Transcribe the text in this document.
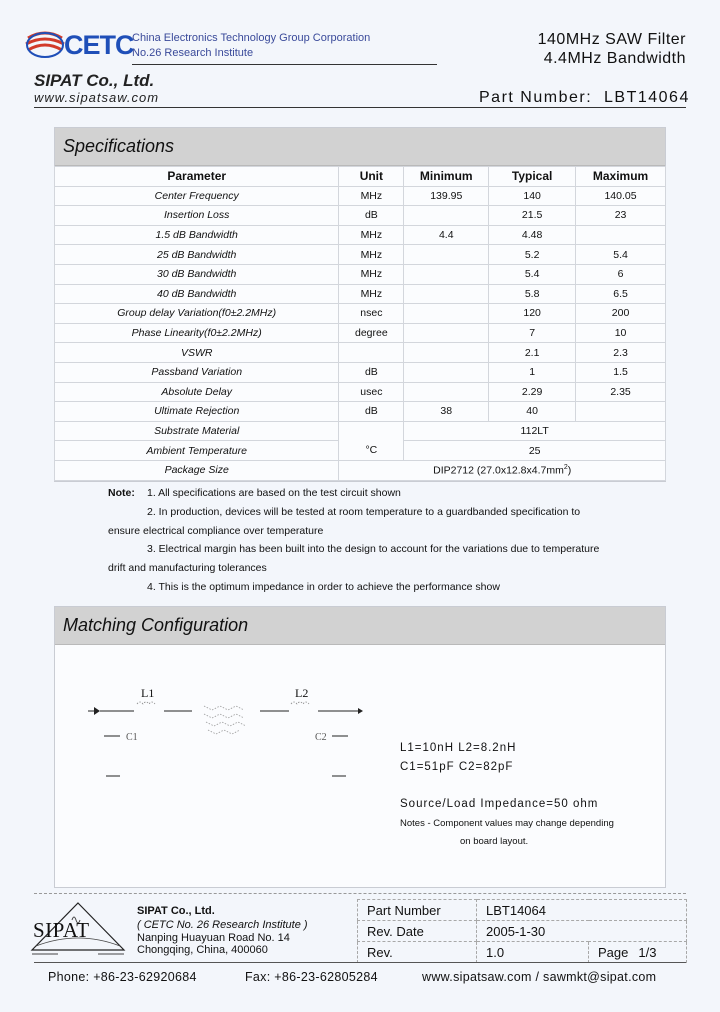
CETC
China Electronics Technology Group Corporation
No.26 Research Institute
SIPAT Co., Ltd.
www.sipatsaw.com
140MHz SAW Filter
4.4MHz Bandwidth
Part Number: LBT14064
Specifications
Parameter	Unit	Minimum	Typical	Maximum
Center Frequency	MHz	139.95	140	140.05
Insertion Loss	dB		21.5	23
1.5 dB Bandwidth	MHz	4.4	4.48	
25 dB Bandwidth	MHz		5.2	5.4
30 dB Bandwidth	MHz		5.4	6
40 dB Bandwidth	MHz		5.8	6.5
Group delay Variation(f0±2.2MHz)	nsec		120	200
Phase Linearity(f0±2.2MHz)	degree		7	10
VSWR			2.1	2.3
Passband Variation	dB		1	1.5
Absolute Delay	usec		2.29	2.35
Ultimate Rejection	dB	38	40	
Substrate Material	°C	112LT		
Ambient Temperature		25		
Package Size	DIP2712 $(27.0x12.8x4.7mm^2)$			
Note:	1. All specifications are based on the test circuit shown
2. In production, devices will be tested at room temperature to a guardbanded specification to
ensure electrical compliance over temperature
3. Electrical margin has been built into the design to account for the variations due to temperature
drift and manufacturing tolerances
4. This is the optimum impedance in order to achieve the performance show
Matching Configuration
L1	L2
C1	C2
L1=10nH L2=8.2nH
C1=51pF C2=82pF
Source/Load Impedance=50 ohm
Notes - Component values may change depending
on board layout.
SIPAT
SIPAT Co., Ltd.
( CETC No. 26 Research Institute )
Nanping Huayuan Road No. 14
Chongqing, China, 400060
Part Number	LBT14064	
Rev. Date	2005-1-30	
Rev.	1.0	Page 1/3
Phone: +86-23-62920684	Fax: +86-23-62805284	www.sipatsaw.com / sawmkt@sipat.com
